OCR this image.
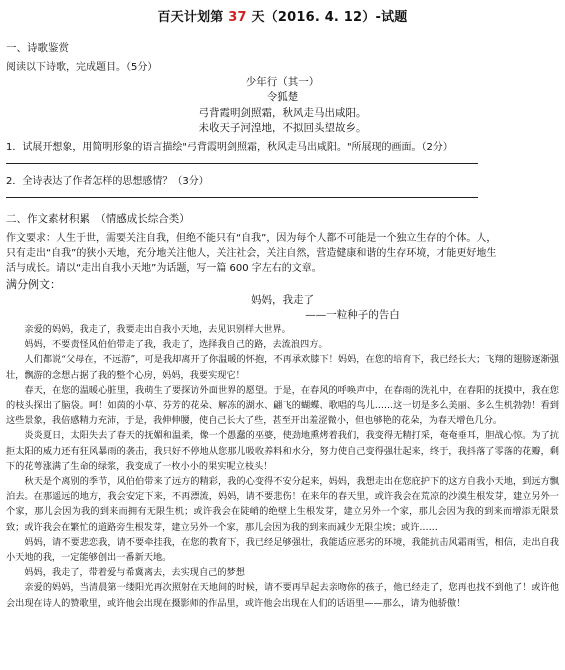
百天计划第 37 天（2016. 4. 12）-试题
一、诗歌鉴赏
阅读以下诗歌，完成题目。（5分）
少年行（其一）
令狐楚
弓背霞明剑照霜，秋风走马出咸阳。
未收天子河湟地，不拟回头望故乡。
1．试展开想象，用简明形象的语言描绘"弓背霞明剑照霜，秋风走马出咸阳。"所展现的画面。（2分）
2．全诗表达了作者怎样的思想感情？（3分）
二、作文素材积累　（情感成长综合类）
作文要求：人生于世，需要关注自我，但绝不能只有“自我”，因为每个人都不可能是一个独立生存的个体。人，
只有走出“自我”的狭小天地，充分地关注他人，关注社会，关注自然，营造健康和谐的生存环境，才能更好地生
活与成长。请以“走出自我小天地”为话题，写一篇 600 字左右的文章。
满分例文：
妈妈，我走了
——一粒种子的告白
亲爱的妈妈，我走了，我要走出自我小天地，去见识别样大世界。
妈妈，不要责怪风伯伯带走了我，我走了，选择我自己的路，去流浪四方。
人们都说“父母在，不远游”，可是我却离开了你温暖的怀抱，不再承欢膝下！妈妈，在您的培育下，我已经长大；飞翔的翅膀逐渐强壮，飘游的念想占据了我的整个心房，妈妈，我要实现它！
春天，在您的温暖心脏里，我萌生了要探访外面世界的愿望。于是，在春风的呼唤声中，在春雨的洗礼中，在春阳的抚摸中，我在您的枝头探出了脑袋。呵！如茵的小草、芬芳的花朵、解冻的湖水、翩飞的蝴蝶、歌唱的鸟儿……这一切是多么美丽、多么生机勃勃！看到这些景象，我倍感精力充沛，于是，我伸伸腰，使自己长大了些，甚至开出羞涩微小，但也够艳的花朵，为春天增色几分。
炎炎夏日，太阳失去了春天的抚媚和温柔，像一个愚蠢的巫婆，使劲地熏烤着我们，我变得无精打采，奄奄垂耳，胆战心惊。为了抗拒太阳的威力还有狂风暴雨的袭击，我只好不停地从您那儿吸收养料和水分，努力使自己变得强壮起来，终于，我抖落了零落的花瓣，剩下的花萼涨满了生命的绿浆，我变成了一枚小小的果实呢立枝头！
秋天是个离别的季节，风伯伯带来了远方的精彩，我的心变得不安分起来，妈妈，我想走出在您庇护下的这方自我小天地，到远方飘泊去。在那遥远的地方，我会安定下来，不再漂流，妈妈，请不要悲伤！在来年的春天里，或许我会在荒凉的沙漠生根发芽，建立另外一个家，那儿会因为我的到来而拥有无限生机；或许我会在陡峭的绝壁上生根发芽，建立另外一个家，那儿会因为我的到来而增添无限景致；或许我会在繁忙的道路旁生根发芽，建立另外一个家，那儿会因为我的到来而减少无限尘埃；或许……
妈妈，请不要悲恋我，请不要牵挂我，在您的教育下，我已经足够强壮，我能适应恶劣的环境，我能抗击风霜雨雪，相信，走出自我小天地的我，一定能够创出一番新天地。
妈妈，我走了，带着爱与希冀离去，去实现自己的梦想
亲爱的妈妈，当清晨第一缕阳光再次照射在天地间的时候，请不要再早起去亲吻你的孩子，他已经走了，您再也找不到他了！或许他会出现在诗人的赞歌里，或许他会出现在摄影师的作品里，或许他会出现在人们的话语里——那么，请为他骄傲！
